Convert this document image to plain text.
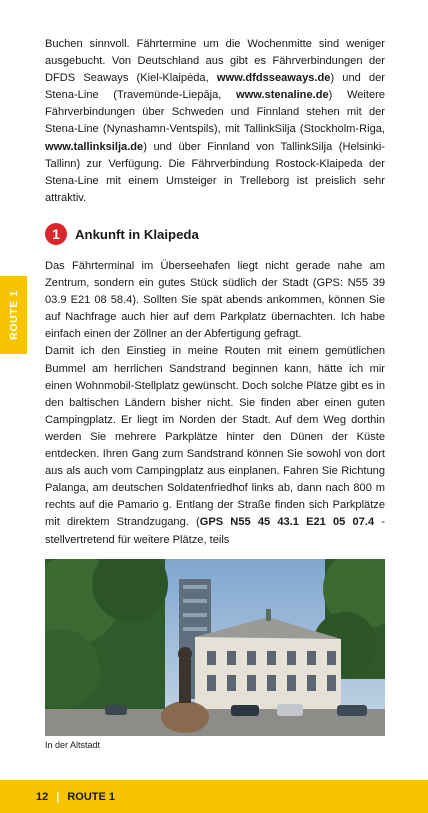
ROUTE 1

Buchen sinnvoll. Fährtermine um die Wochenmitte sind weniger ausgebucht. Von Deutschland aus gibt es Fährverbindungen der DFDS Seaways (Kiel-Klaipėda, www.dfdsseaways.de) und der Stena-Line (Travemünde-Liepāja, www.stenaline.de) Weitere Fährverbindungen über Schweden und Finnland stehen mit der Stena-Line (Nynashamn-Ventspils), mit TallinkSilja (Stockholm-Riga, www.tallinksilja.de) und über Finnland von TallinkSilja (Helsinki-Tallinn) zur Verfügung. Die Fährverbindung Rostock-Klaipeda der Stena-Line mit einem Umsteiger in Trelleborg ist preislich sehr attraktiv.

1	Ankunft in Klaipeda

Das Fährterminal im Überseehafen liegt nicht gerade nahe am Zentrum, sondern ein gutes Stück südlich der Stadt (GPS: N55 39 03.9 E21 08 58.4). Sollten Sie spät abends ankommen, können Sie auf Nachfrage auch hier auf dem Parkplatz übernachten. Ich habe einfach einen der Zöllner an der Abfertigung gefragt.
Damit ich den Einstieg in meine Routen mit einem gemütlichen Bummel am herrlichen Sandstrand beginnen kann, hätte ich mir einen Wohnmobil-Stellplatz gewünscht. Doch solche Plätze gibt es in den baltischen Ländern bisher nicht. Sie finden aber einen guten Campingplatz. Er liegt im Norden der Stadt. Auf dem Weg dorthin werden Sie mehrere Parkplätze hinter den Dünen der Küste entdecken. Ihren Gang zum Sandstrand können Sie sowohl von dort aus als auch vom Campingplatz aus einplanen. Fahren Sie Richtung Palanga, am deutschen Soldatenfriedhof links ab, dann nach 800 m rechts auf die Pamario g. Entlang der Straße finden sich Parkplätze mit direktem Strandzugang. (GPS N55 45 43.1 E21 05 07.4 - stellvertretend für weitere Plätze, teils

In der Altstadt
12 | ROUTE 1
